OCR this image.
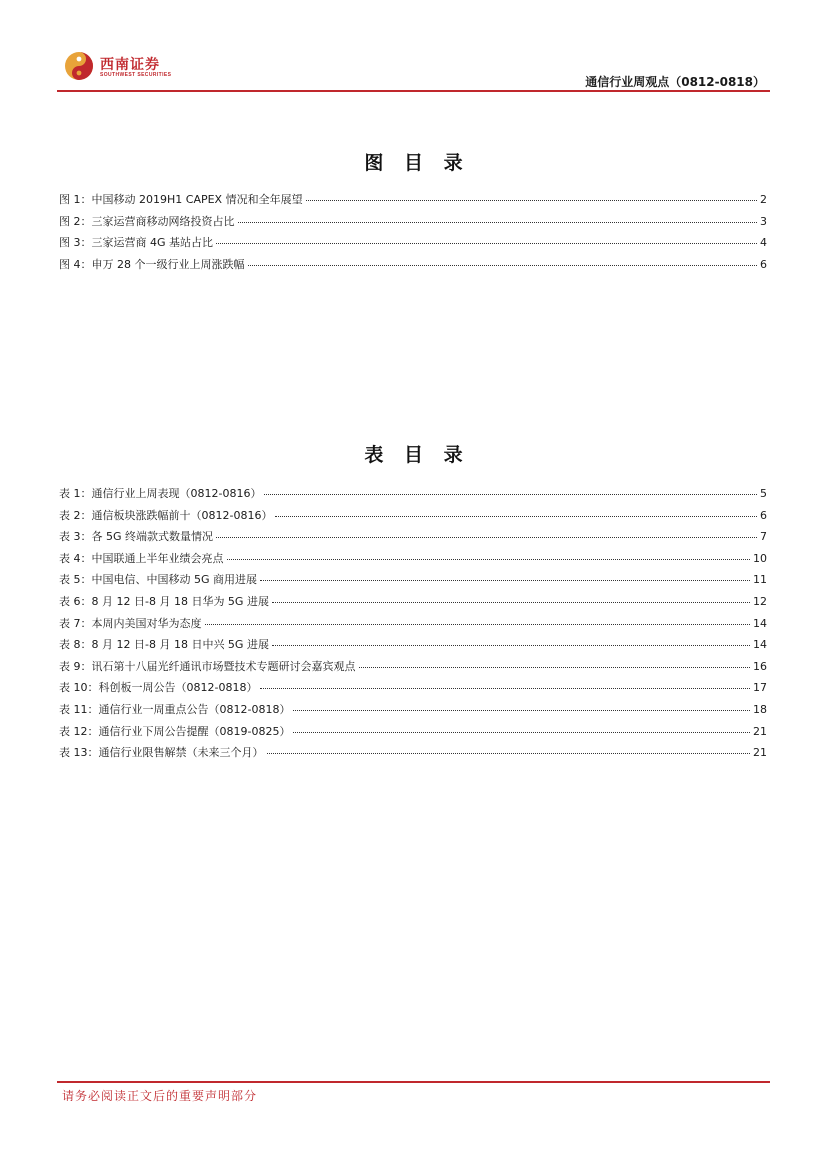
西南证券
SOUTHWEST SECURITIES	通信行业周观点（0812-0818）
图 目 录
图 1： 中国移动 2019H1 CAPEX 情况和全年展望	2
图 2： 三家运营商移动网络投资占比	3
图 3： 三家运营商 4G 基站占比	4
图 4： 申万 28 个一级行业上周涨跌幅	6
表 目 录
表 1： 通信行业上周表现（0812-0816）	5
表 2： 通信板块涨跌幅前十（0812-0816）	6
表 3： 各 5G 终端款式数量情况	7
表 4： 中国联通上半年业绩会亮点	10
表 5： 中国电信、中国移动 5G 商用进展	11
表 6： 8 月 12 日-8 月 18 日华为 5G 进展	12
表 7： 本周内美国对华为态度	14
表 8： 8 月 12 日-8 月 18 日中兴 5G 进展	14
表 9： 讯石第十八届光纤通讯市场暨技术专题研讨会嘉宾观点	16
表 10： 科创板一周公告（0812-0818）	17
表 11： 通信行业一周重点公告（0812-0818）	18
表 12： 通信行业下周公告提醒（0819-0825）	21
表 13： 通信行业限售解禁（未来三个月）	21
请务必阅读正文后的重要声明部分
